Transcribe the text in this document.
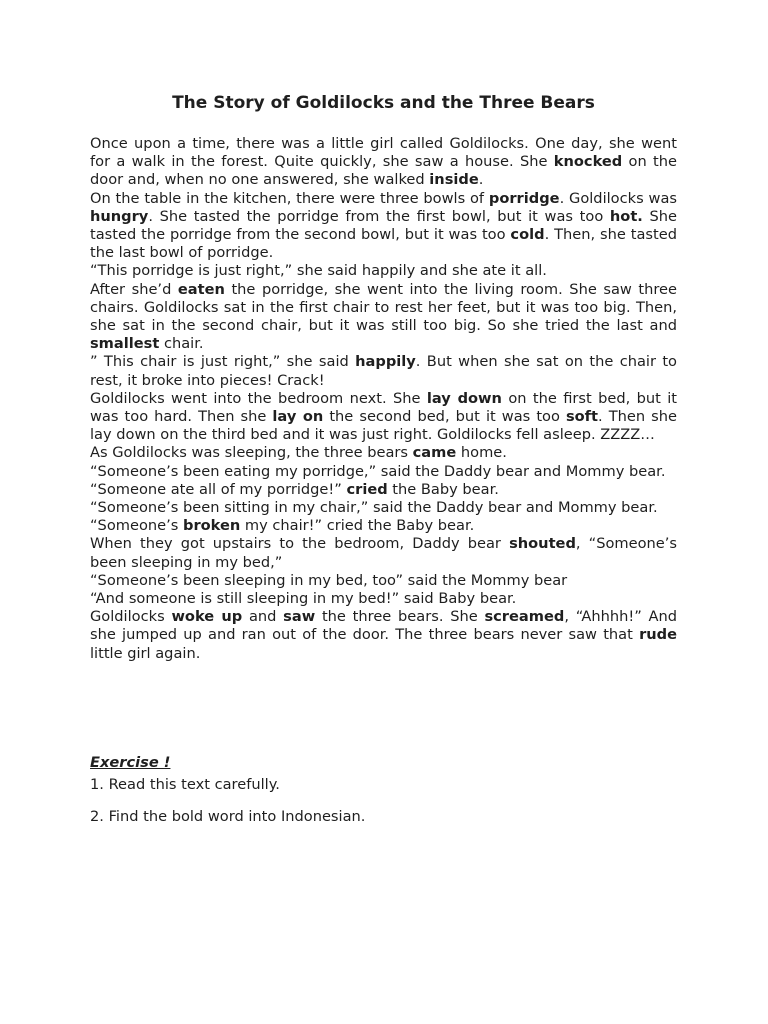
The Story of Goldilocks and the Three Bears

Once upon a time, there was a little girl called Goldilocks. One day, she went for a walk in the forest. Quite quickly, she saw a house. She knocked on the door and, when no one answered, she walked inside.

On the table in the kitchen, there were three bowls of porridge. Goldilocks was hungry. She tasted the porridge from the first bowl, but it was too hot. She tasted the porridge from the second bowl, but it was too cold. Then, she tasted the last bowl of porridge.

“This porridge is just right,” she said happily and she ate it all.

After she’d eaten the porridge, she went into the living room. She saw three chairs. Goldilocks sat in the first chair to rest her feet, but it was too big. Then, she sat in the second chair, but it was still too big. So she tried the last and smallest chair.

” This chair is just right,” she said happily. But when she sat on the chair to rest, it broke into pieces! Crack!

Goldilocks went into the bedroom next. She lay down on the first bed, but it was too hard. Then she lay on the second bed, but it was too soft. Then she lay down on the third bed and it was just right. Goldilocks fell asleep. ZZZZ…

As Goldilocks was sleeping, the three bears came home.

“Someone’s been eating my porridge,” said the Daddy bear and Mommy bear.

“Someone ate all of my porridge!” cried the Baby bear.

“Someone’s been sitting in my chair,” said the Daddy bear and Mommy bear.

“Someone’s broken my chair!” cried the Baby bear.

When they got upstairs to the bedroom, Daddy bear shouted, “Someone’s been sleeping in my bed,”

“Someone’s been sleeping in my bed, too” said the Mommy bear

“And someone is still sleeping in my bed!” said Baby bear.

Goldilocks woke up and saw the three bears. She screamed, “Ahhhh!” And she jumped up and ran out of the door. The three bears never saw that rude little girl again.

Exercise !
1. Read this text carefully.
2. Find the bold word into Indonesian.
